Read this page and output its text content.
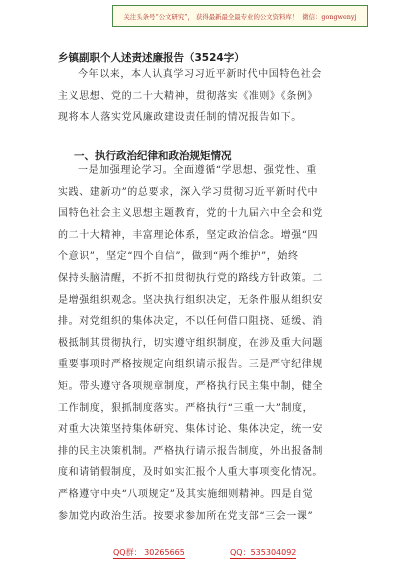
关注头条号“公文研究”， 获得最新最全最专业的公文资料库！ 微信：gongwenyj
乡镇副职个人述责述廉报告（3524字）
今年以来，本人认真学习习近平新时代中国特色社会
主义思想、党的二十大精神，贯彻落实《准则》《条例》
现将本人落实党风廉政建设责任制的情况报告如下。
一、执行政治纪律和政治规矩情况
一是加强理论学习。全面遵循“学思想、强党性、重
实践、建新功”的总要求，深入学习贯彻习近平新时代中
国特色社会主义思想主题教育，党的十九届六中全会和党
的二十大精神，丰富理论体系，坚定政治信念。增强“四
个意识”，坚定“四个自信”，做到“两个维护”，始终
保持头脑清醒，不折不扣贯彻执行党的路线方针政策。二
是增强组织观念。坚决执行组织决定，无条件服从组织安
排。对党组织的集体决定，不以任何借口阻挠、延缓、消
极抵制其贯彻执行，切实遵守组织制度，在涉及重大问题
重要事项时严格按规定向组织请示报告。三是严守纪律规
矩。带头遵守各项规章制度，严格执行民主集中制，健全
工作制度，狠抓制度落实。严格执行“三重一大”制度，
对重大决策坚持集体研究、集体讨论、集体决定，统一安
排的民主决策机制。严格执行请示报告制度，外出报备制
度和请销假制度，及时如实汇报个人重大事项变化情况。
严格遵守中央“八项规定”及其实施细则精神。四是自觉
参加党内政治生活。按要求参加所在党支部“三会一课”
QQ群： 30265665	QQ：535304092
